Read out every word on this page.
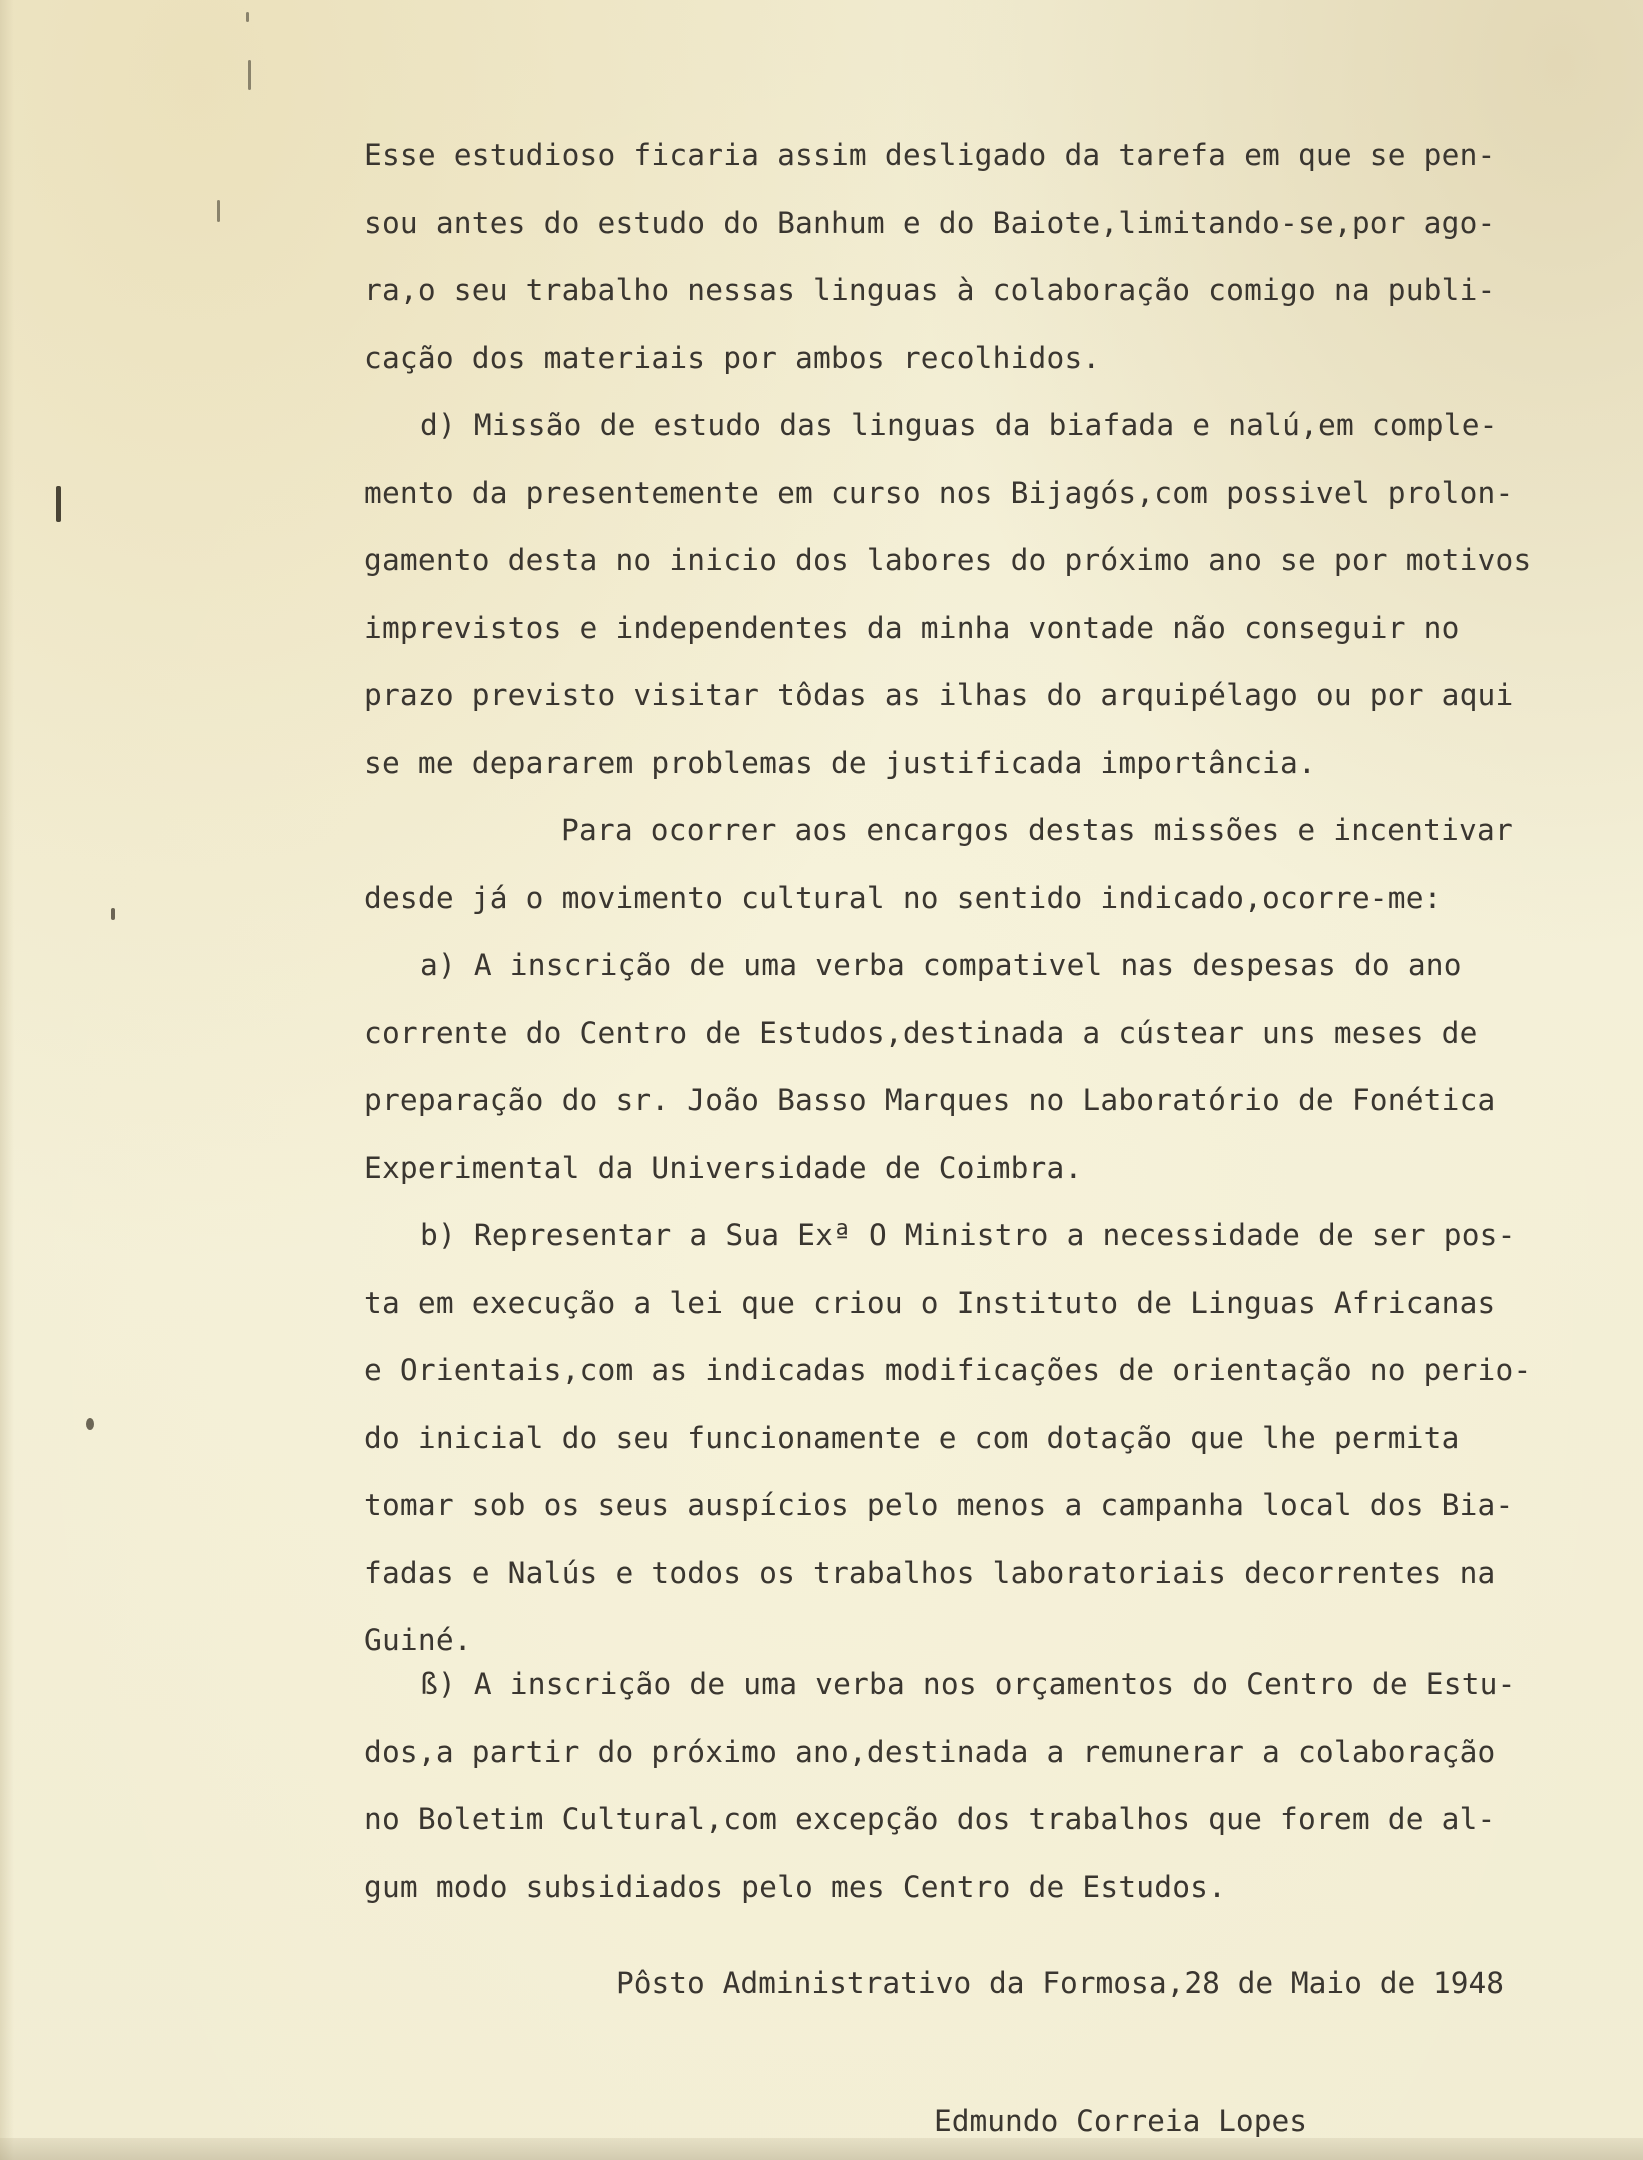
Esse estudioso ficaria assim desligado da tarefa em que se pen-
sou antes do estudo do Banhum e do Baiote,limitando-se,por ago-
ra,o seu trabalho nessas linguas à colaboração comigo na publi-
cação dos materiais por ambos recolhidos.
d) Missão de estudo das linguas da biafada e nalú,em comple-
mento da presentemente em curso nos Bijagós,com possivel prolon-
gamento desta no inicio dos labores do próximo ano se por motivos
imprevistos e independentes da minha vontade não conseguir no
prazo previsto visitar tôdas as ilhas do arquipélago ou por aqui
se me depararem problemas de justificada importância.
Para ocorrer aos encargos destas missões e incentivar
desde já o movimento cultural no sentido indicado,ocorre-me:
a) A inscrição de uma verba compativel nas despesas do ano
corrente do Centro de Estudos,destinada a cústear uns meses de
preparação do sr. João Basso Marques no Laboratório de Fonética
Experimental da Universidade de Coimbra.
b) Representar a Sua Exª O Ministro a necessidade de ser pos-
ta em execução a lei que criou o Instituto de Linguas Africanas
e Orientais,com as indicadas modificações de orientação no perio-
do inicial do seu funcionamente e com dotação que lhe permita
tomar sob os seus auspícios pelo menos a campanha local dos Bia-
fadas e Nalús e todos os trabalhos laboratoriais decorrentes na
Guiné.
ß) A inscrição de uma verba nos orçamentos do Centro de Estu-
dos,a partir do próximo ano,destinada a remunerar a colaboração
no Boletim Cultural,com excepção dos trabalhos que forem de al-
gum modo subsidiados pelo mes Centro de Estudos.
Pôsto Administrativo da Formosa,28 de Maio de 1948
Edmundo Correia Lopes
